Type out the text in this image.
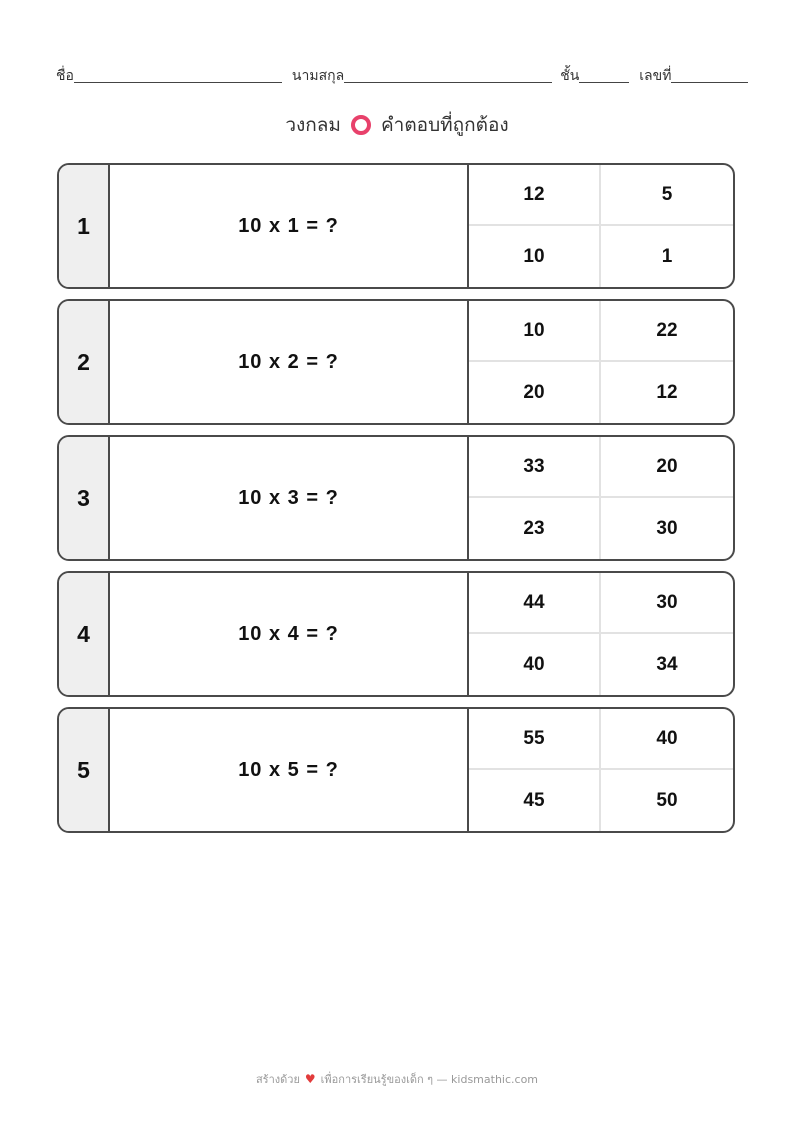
ชื่อ	นามสกุล	ชั้น	เลขที่
วงกลม คำตอบที่ถูกต้อง
1	10 x 1 = ?
12	5
10	1
2	10 x 2 = ?
10	22
20	12
3	10 x 3 = ?
33	20
23	30
4	10 x 4 = ?
44	30
40	34
5	10 x 5 = ?
55	40
45	50
สร้างด้วย ♥ เพื่อการเรียนรู้ของเด็ก ๆ — kidsmathic.com
